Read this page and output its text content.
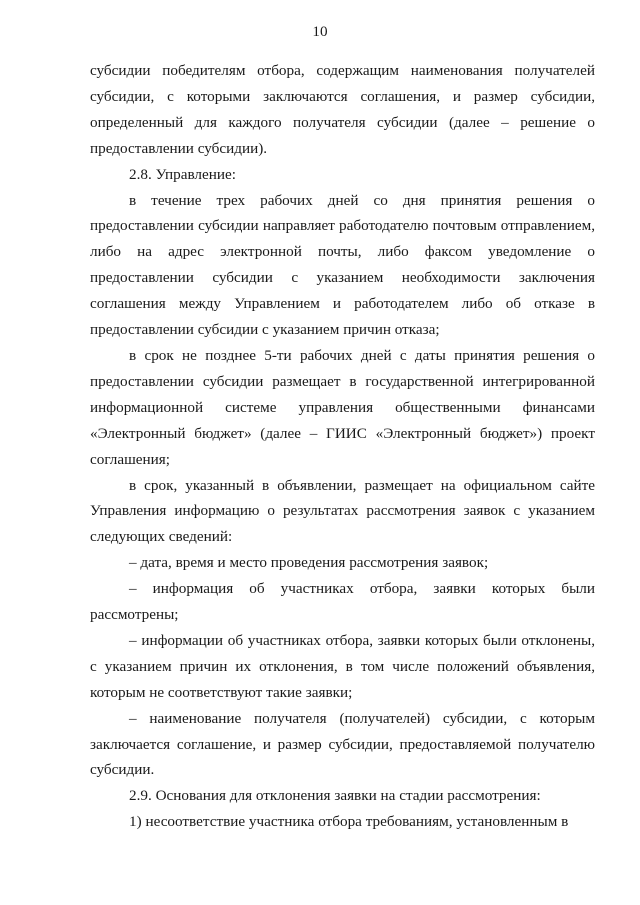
10

субсидии победителям отбора, содержащим наименования получателей субсидии, с которыми заключаются соглашения, и размер субсидии, определенный для каждого получателя субсидии (далее – решение о предоставлении субсидии).

2.8. Управление:

в течение трех рабочих дней со дня принятия решения о предоставлении субсидии направляет работодателю почтовым отправлением, либо на адрес электронной почты, либо факсом уведомление о предоставлении субсидии с указанием необходимости заключения соглашения между Управлением и работодателем либо об отказе в предоставлении субсидии с указанием причин отказа;

в срок не позднее 5-ти рабочих дней с даты принятия решения о предоставлении субсидии размещает в государственной интегрированной информационной системе управления общественными финансами «Электронный бюджет» (далее – ГИИС «Электронный бюджет») проект соглашения;

в срок, указанный в объявлении, размещает на официальном сайте Управления информацию о результатах рассмотрения заявок с указанием следующих сведений:

– дата, время и место проведения рассмотрения заявок;

– информация об участниках отбора, заявки которых были рассмотрены;

– информации об участниках отбора, заявки которых были отклонены, с указанием причин их отклонения, в том числе положений объявления, которым не соответствуют такие заявки;

– наименование получателя (получателей) субсидии, с которым заключается соглашение, и размер субсидии, предоставляемой получателю субсидии.

2.9. Основания для отклонения заявки на стадии рассмотрения:

1) несоответствие участника отбора требованиям, установленным в
